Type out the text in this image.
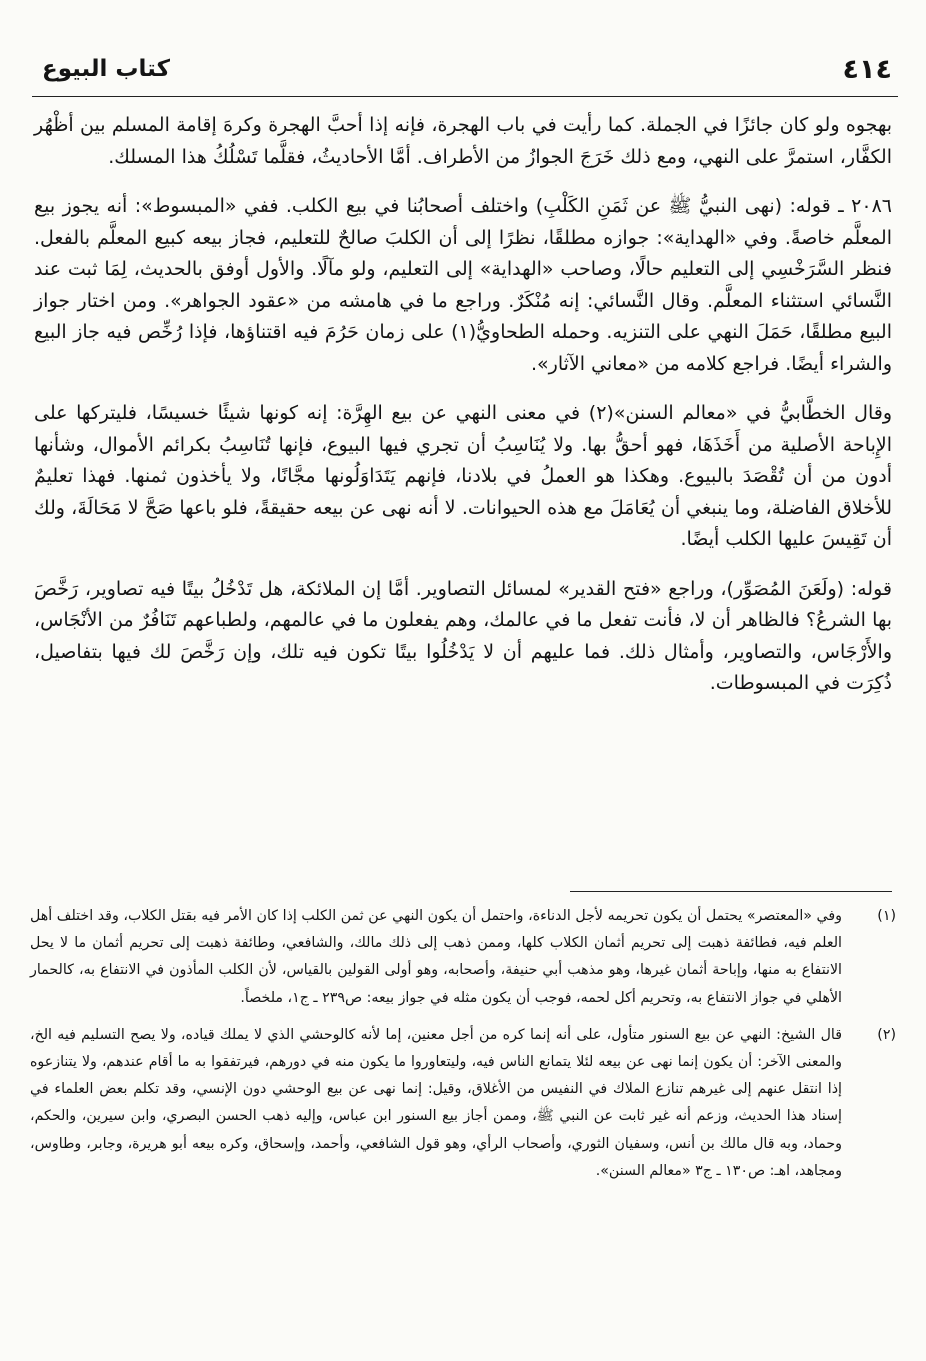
٤١٤
كتاب البيوع

بهجوه ولو كان جائزًا في الجملة. كما رأيت في باب الهجرة، فإنه إذا أحبَّ الهجرة وكرهَ إقامة المسلم بين أظْهُر الكفَّار، استمرَّ على النهي، ومع ذلك خَرَجَ الجوازُ من الأطراف. أمَّا الأحاديثُ، فقلَّما تَسْلُكُ هذا المسلك.

٢٠٨٦ ـ قوله: (نهى النبيُّ ﷺ عن ثَمَنِ الكَلْبِ) واختلف أصحابُنا في بيع الكلب. ففي «المبسوط»: أنه يجوز بيع المعلَّم خاصةً. وفي «الهداية»: جوازه مطلقًا، نظرًا إلى أن الكلبَ صالحٌ للتعليم، فجاز بيعه كبيع المعلَّم بالفعل. فنظر السَّرَخْسِي إلى التعليم حالًا، وصاحب «الهداية» إلى التعليم، ولو مآلًا. والأول أوفق بالحديث، لِمَا ثبت عند النَّسائي استثناء المعلَّم. وقال النَّسائي: إنه مُنْكَرٌ. وراجع ما في هامشه من «عقود الجواهر». ومن اختار جواز البيع مطلقًا، حَمَلَ النهي على التنزيه. وحمله الطحاويُّ(١) على زمان حَرُمَ فيه اقتناؤها، فإذا رُخِّص فيه جاز البيع والشراء أيضًا. فراجع كلامه من «معاني الآثار».

وقال الخطَّابيُّ في «معالم السنن»(٢) في معنى النهي عن بيع الهِرَّة: إنه كونها شيئًا خسيسًا، فليتركها على الإِباحة الأصلية من أَخَذَهَا، فهو أحقُّ بها. ولا يُنَاسِبُ أن تجري فيها البيوع، فإنها تُنَاسِبُ بكرائم الأموال، وشأنها أدون من أن تُقْصَدَ بالبيوع. وهكذا هو العملُ في بلادنا، فإنهم يَتَدَاوَلُونها مجَّانًا، ولا يأخذون ثمنها. فهذا تعليمٌ للأخلاق الفاضلة، وما ينبغي أن يُعَامَلَ مع هذه الحيوانات. لا أنه نهى عن بيعه حقيقةً، فلو باعها صَحَّ لا مَحَالَةَ، ولك أن تَقِيسَ عليها الكلب أيضًا.

قوله: (ولَعَنَ المُصَوِّر)، وراجع «فتح القدير» لمسائل التصاوير. أمَّا إن الملائكة، هل تَدْخُلُ بيتًا فيه تصاوير، رَخَّصَ بها الشرعُ؟ فالظاهر أن لا، فأنت تفعل ما في عالمك، وهم يفعلون ما في عالمهم، ولطباعهم تَنَافُرٌ من الأنْجَاس، والأَرْجَاس، والتصاوير، وأمثال ذلك. فما عليهم أن لا يَدْخُلُوا بيتًا تكون فيه تلك، وإن رَخَّصَ لك فيها بتفاصيل، ذُكِرَت في المبسوطات.

(١)
وفي «المعتصر» يحتمل أن يكون تحريمه لأجل الدناءة، واحتمل أن يكون النهي عن ثمن الكلب إذا كان الأمر فيه بقتل الكلاب، وقد اختلف أهل العلم فيه، فطائفة ذهبت إلى تحريم أثمان الكلاب كلها، وممن ذهب إلى ذلك مالك، والشافعي، وطائفة ذهبت إلى تحريم أثمان ما لا يحل الانتفاع به منها، وإباحة أثمان غيرها، وهو مذهب أبي حنيفة، وأصحابه، وهو أولى القولين بالقياس، لأن الكلب المأذون في الانتفاع به، كالحمار الأهلي في جواز الانتفاع به، وتحريم أكل لحمه، فوجب أن يكون مثله في جواز بيعه: ص٢٣٩ ـ ج١، ملخصاً.
(٢)
قال الشيخ: النهي عن بيع السنور متأول، على أنه إنما كره من أجل معنين، إما لأنه كالوحشي الذي لا يملك قياده، ولا يصح التسليم فيه الخ، والمعنى الآخر: أن يكون إنما نهى عن بيعه لئلا يتمانع الناس فيه، وليتعاوروا ما يكون منه في دورهم، فيرتفقوا به ما أقام عندهم، ولا يتنازعوه إذا انتقل عنهم إلى غيرهم تنازع الملاك في النفيس من الأغلاق، وقيل: إنما نهى عن بيع الوحشي دون الإنسي، وقد تكلم بعض العلماء في إسناد هذا الحديث، وزعم أنه غير ثابت عن النبي ﷺ، وممن أجاز بيع السنور ابن عباس، وإليه ذهب الحسن البصري، وابن سيرين، والحكم، وحماد، وبه قال مالك بن أنس، وسفيان الثوري، وأصحاب الرأي، وهو قول الشافعي، وأحمد، وإسحاق، وكره بيعه أبو هريرة، وجابر، وطاوس، ومجاهد، اهـ: ص١٣٠ ـ ج٣ «معالم السنن».
